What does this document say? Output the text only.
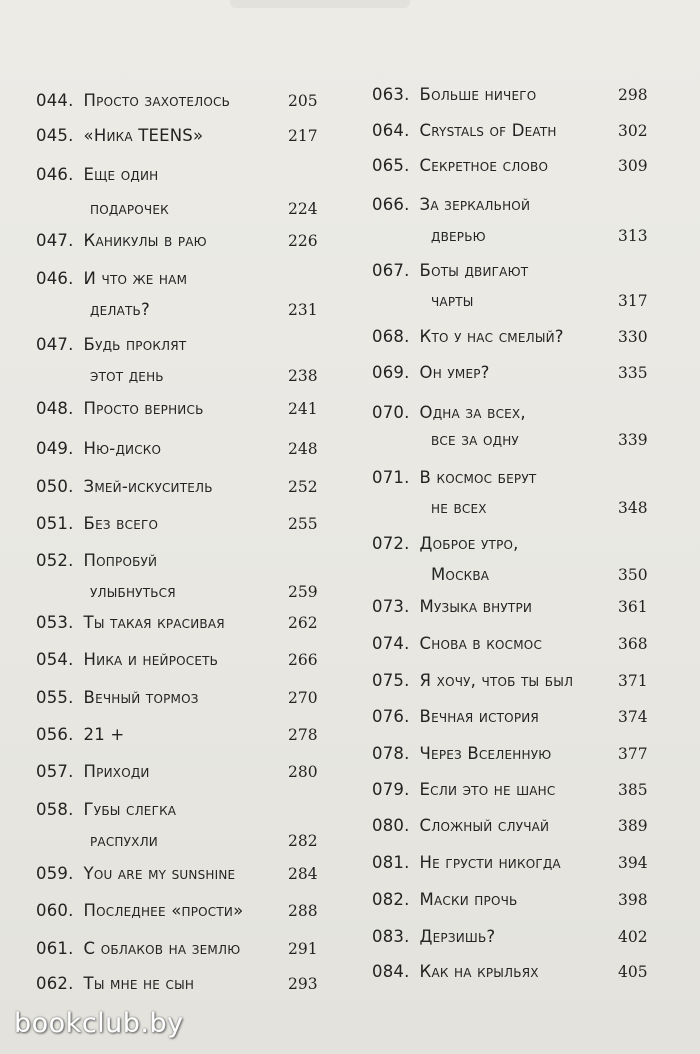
044. Просто захотелось	205
045. «Ника TEENS»	217
046. Еще один
подарочек	224
047. Каникулы в раю	226
046. И что же нам
делать?	231
047. Будь проклят
этот день	238
048. Просто вернись	241
049. Ню-диско	248
050. Змей-искуситель	252
051. Без всего	255
052. Попробуй
улыбнуться	259
053. Ты такая красивая	262
054. Ника и нейросеть	266
055. Вечный тормоз	270
056. 21 +	278
057. Приходи	280
058. Губы слегка
распухли	282
059. You are my sunshine	284
060. Последнее «прости»	288
061. С облаков на землю	291
062. Ты мне не сын	293
063. Больше ничего	298
064. Crystals of Death	302
065. Секретное слово	309
066. За зеркальной
дверью	313
067. Боты двигают
чарты	317
068. Кто у нас смелый?	330
069. Он умер?	335
070. Одна за всех,
все за одну	339
071. В космос берут
не всех	348
072. Доброе утро,
Москва	350
073. Музыка внутри	361
074. Снова в космос	368
075. Я хочу, чтоб ты был	371
076. Вечная история	374
078. Через Вселенную	377
079. Если это не шанс	385
080. Сложный случай	389
081. Не грусти никогда	394
082. Маски прочь	398
083. Дерзишь?	402
084. Как на крыльях	405
bookclub.by
